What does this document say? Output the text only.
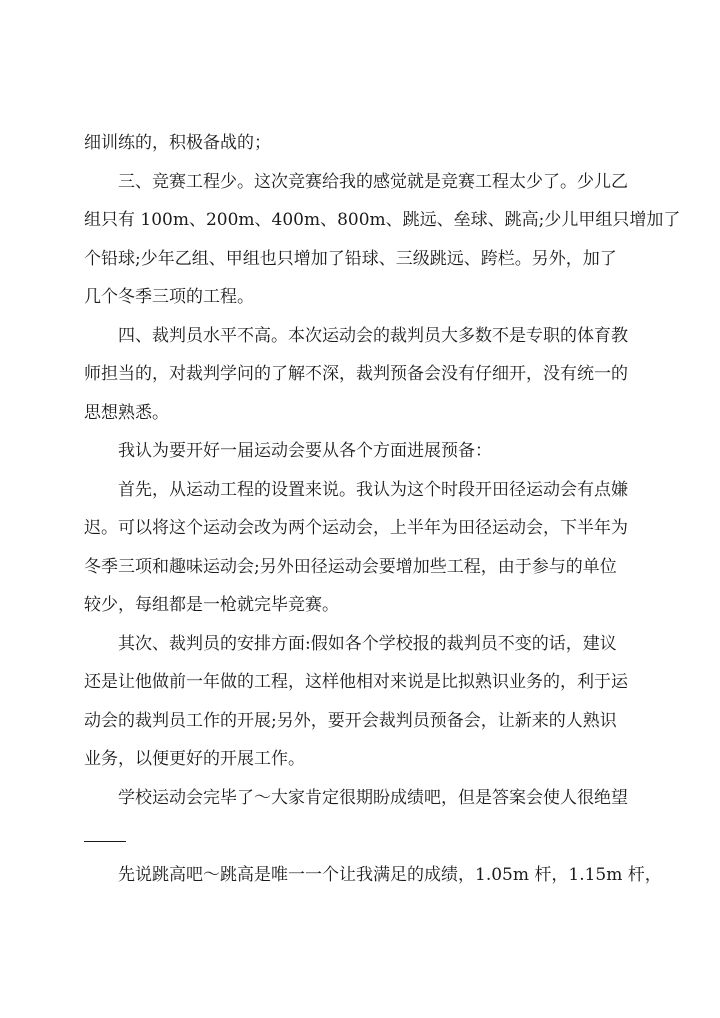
细训练的，积极备战的；

三、竞赛工程少。这次竞赛给我的感觉就是竞赛工程太少了。少儿乙
组只有 100m、200m、400m、800m、跳远、垒球、跳高;少儿甲组只增加了
个铅球;少年乙组、甲组也只增加了铅球、三级跳远、跨栏。另外，加了
几个冬季三项的工程。

四、裁判员水平不高。本次运动会的裁判员大多数不是专职的体育教
师担当的，对裁判学问的了解不深，裁判预备会没有仔细开，没有统一的
思想熟悉。

我认为要开好一届运动会要从各个方面进展预备：

首先，从运动工程的设置来说。我认为这个时段开田径运动会有点嫌
迟。可以将这个运动会改为两个运动会，上半年为田径运动会，下半年为
冬季三项和趣味运动会;另外田径运动会要增加些工程，由于参与的单位
较少，每组都是一枪就完毕竞赛。

其次、裁判员的安排方面:假如各个学校报的裁判员不变的话，建议
还是让他做前一年做的工程，这样他相对来说是比拟熟识业务的，利于运
动会的裁判员工作的开展;另外，要开会裁判员预备会，让新来的人熟识
业务，以便更好的开展工作。

学校运动会完毕了～大家肯定很期盼成绩吧，但是答案会使人很绝望

先说跳高吧～跳高是唯一一个让我满足的成绩，1.05m 杆，1.15m 杆，
